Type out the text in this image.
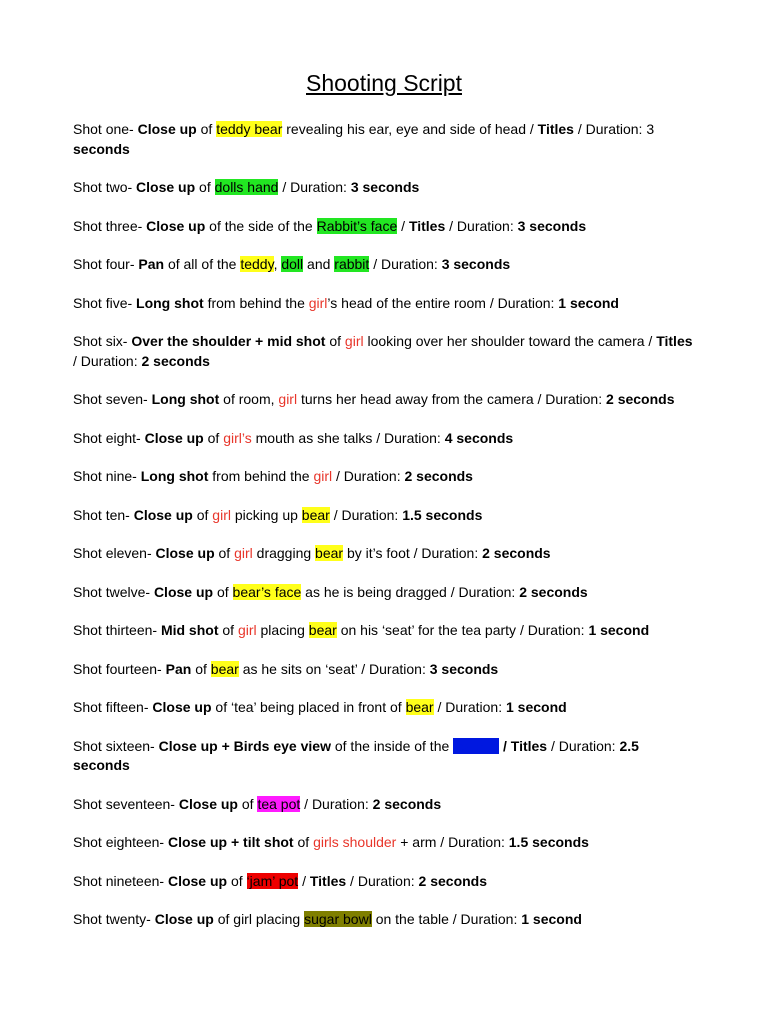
Shooting Script

Shot one- Close up of teddy bear revealing his ear, eye and side of head / Titles / Duration: 3 seconds

Shot two- Close up of dolls hand / Duration: 3 seconds

Shot three- Close up of the side of the Rabbit’s face / Titles / Duration: 3 seconds

Shot four- Pan of all of the teddy, doll and rabbit / Duration: 3 seconds

Shot five- Long shot from behind the girl’s head of the entire room / Duration: 1 second

Shot six- Over the shoulder + mid shot of girl looking over her shoulder toward the camera / Titles / Duration: 2 seconds

Shot seven- Long shot of room, girl turns her head away from the camera / Duration: 2 seconds

Shot eight- Close up of girl’s mouth as she talks / Duration: 4 seconds

Shot nine- Long shot from behind the girl / Duration: 2 seconds

Shot ten- Close up of girl picking up bear / Duration: 1.5 seconds

Shot eleven- Close up of girl dragging bear by it’s foot / Duration: 2 seconds

Shot twelve- Close up of bear’s face as he is being dragged / Duration: 2 seconds

Shot thirteen- Mid shot of girl placing bear on his ‘seat’ for the tea party / Duration: 1 second

Shot fourteen- Pan of bear as he sits on ‘seat’ / Duration: 3 seconds

Shot fifteen- Close up of ‘tea’ being placed in front of bear / Duration: 1 second

Shot sixteen- Close up + Birds eye view of the inside of the tea cup / Titles / Duration: 2.5 seconds

Shot seventeen- Close up of tea pot / Duration: 2 seconds

Shot eighteen- Close up + tilt shot of girls shoulder + arm / Duration: 1.5 seconds

Shot nineteen- Close up of ‘jam’ pot / Titles / Duration: 2 seconds

Shot twenty- Close up of girl placing sugar bowl on the table / Duration: 1 second
